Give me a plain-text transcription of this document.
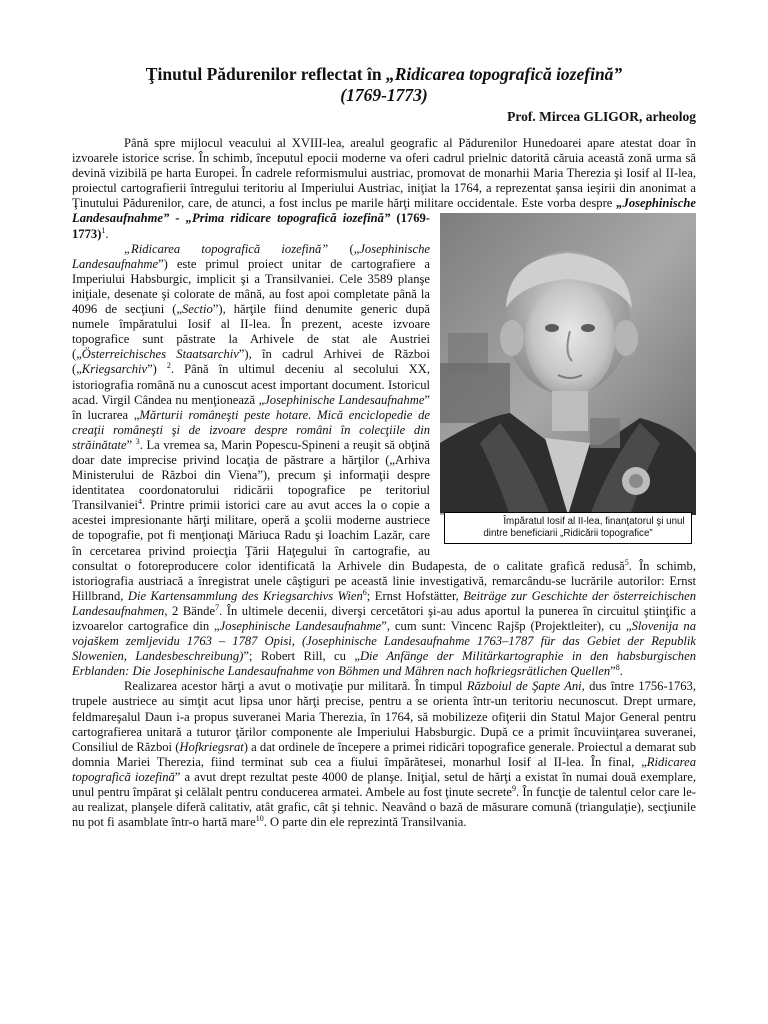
Ţinutul Pădurenilor reflectat în „Ridicarea topografică iozefină”
(1769-1773)
Prof. Mircea GLIGOR, arheolog

Până spre mijlocul veacului al XVIII-lea, arealul geografic al Pădurenilor Hunedoarei apare atestat doar în izvoarele istorice scrise. În schimb, începutul epocii moderne va oferi cadrul prielnic datorită căruia această zonă urma să devină vizibilă pe harta Europei. În cadrele reformismului austriac, promovat de monarhii Maria Therezia şi Iosif al II-lea, proiectul cartografierii întregului teritoriu al Imperiului Austriac, iniţiat la 1764, a reprezentat şansa ieşirii din anonimat a Ţinutului Pădurenilor, care, de atunci, a fost inclus pe marile hărţi militare occidentale. Este vorba despre
Împăratul Iosif al II-lea, finanţatorul şi unul dintre beneficiarii „Ridicării topografice”
„Josephinische Landesaufnahme” - „Prima ridicare topografică iozefină” (1769-1773)$^1$.

„Ridicarea topografică iozefină” („Josephinische Landesaufnahme”) este primul proiect unitar de cartografiere a Imperiului Habsburgic, implicit şi a Transilvaniei. Cele 3589 planşe iniţiale, desenate şi colorate de mână, au fost apoi completate până la 4096 de secţiuni („Sectio”), hărţile fiind denumite generic după numele împăratului Iosif al II-lea. În prezent, aceste izvoare topografice sunt păstrate la Arhivele de stat ale Austriei („Österreichisches Staatsarchiv”), în cadrul Arhivei de Război („Kriegsarchiv”) $^2$. Până în ultimul deceniu al secolului XX, istoriografia română nu a cunoscut acest important document. Istoricul acad. Virgil Cândea nu menţionează „Josephinische Landesaufnahme” în lucrarea „Mărturii româneşti peste hotare. Mică enciclopedie de creaţii româneşti şi de izvoare despre români în colecţiile din străinătate” $^3$. La vremea sa, Marin Popescu-Spineni a reuşit să obţină doar date imprecise privind locaţia de păstrare a hărţilor („Arhiva Ministerului de Război din Viena”), precum şi informaţii despre identitatea coordonatorului ridicării topografice pe teritoriul Transilvaniei$^4$. Printre primii istorici care au avut acces la o copie a acestei impresionante hărţi militare, operă a şcolii moderne austriece de topografie, pot fi menţionaţi Măriuca Radu şi Ioachim Lazăr, care în cercetarea privind proiecţia Ţării Haţegului în cartografie, au consultat o fotoreproducere color identificată la Arhivele din Budapesta, de o calitate grafică redusă$^5$. În schimb, istoriografia austriacă a înregistrat unele câştiguri pe această linie investigativă, remarcându-se lucrările autorilor: Ernst Hillbrand, Die Kartensammlung des Kriegsarchivs Wien$^6$; Ernst Hofstätter, Beiträge zur Geschichte der österreichischen Landesaufnahmen, 2 Bände$^7$. În ultimele decenii, diverşi cercetători şi-au adus aportul la punerea în circuitul ştiinţific a izvoarelor cartografice din „Josephinische Landesaufnahme”, cum sunt: Vincenc Rajšp (Projektleiter), cu „Slovenija na vojaškem zemljevidu 1763 – 1787 Opisi, (Josephinische Landesaufnahme 1763–1787 für das Gebiet der Republik Slowenien, Landesbeschreibung)”; Robert Rill, cu „Die Anfänge der Militärkartographie in den habsburgischen Erblanden: Die Josephinische Landesaufnahme von Böhmen und Mähren nach hofkriegsrätlichen Quellen”$^8$.

Realizarea acestor hărţi a avut o motivaţie pur militară. În timpul Războiul de Şapte Ani, dus între 1756-1763, trupele austriece au simţit acut lipsa unor hărţi precise, pentru a se orienta într-un teritoriu necunoscut. Drept urmare, feldmareşalul Daun i-a propus suveranei Maria Therezia, în 1764, să mobilizeze ofiţerii din Statul Major General pentru cartografierea unitară a tuturor ţărilor componente ale Imperiului Habsburgic. După ce a primit încuviinţarea suveranei, Consiliul de Război (Hofkriegsrat) a dat ordinele de începere a primei ridicări topografice generale. Proiectul a demarat sub domnia Mariei Therezia, fiind terminat sub cea a fiului împărătesei, monarhul Iosif al II-lea. În final, „Ridicarea topografică iozefină” a avut drept rezultat peste 4000 de planşe. Iniţial, setul de hărţi a existat în numai două exemplare, unul pentru împărat şi celălalt pentru conducerea armatei. Ambele au fost ţinute secrete$^9$. În funcţie de talentul celor care le-au realizat, planşele diferă calitativ, atât grafic, cât şi tehnic. Neavând o bază de măsurare comună (triangulaţie), secţiunile nu pot fi asamblate într-o hartă mare$^{10}$. O parte din ele reprezintă Transilvania.
